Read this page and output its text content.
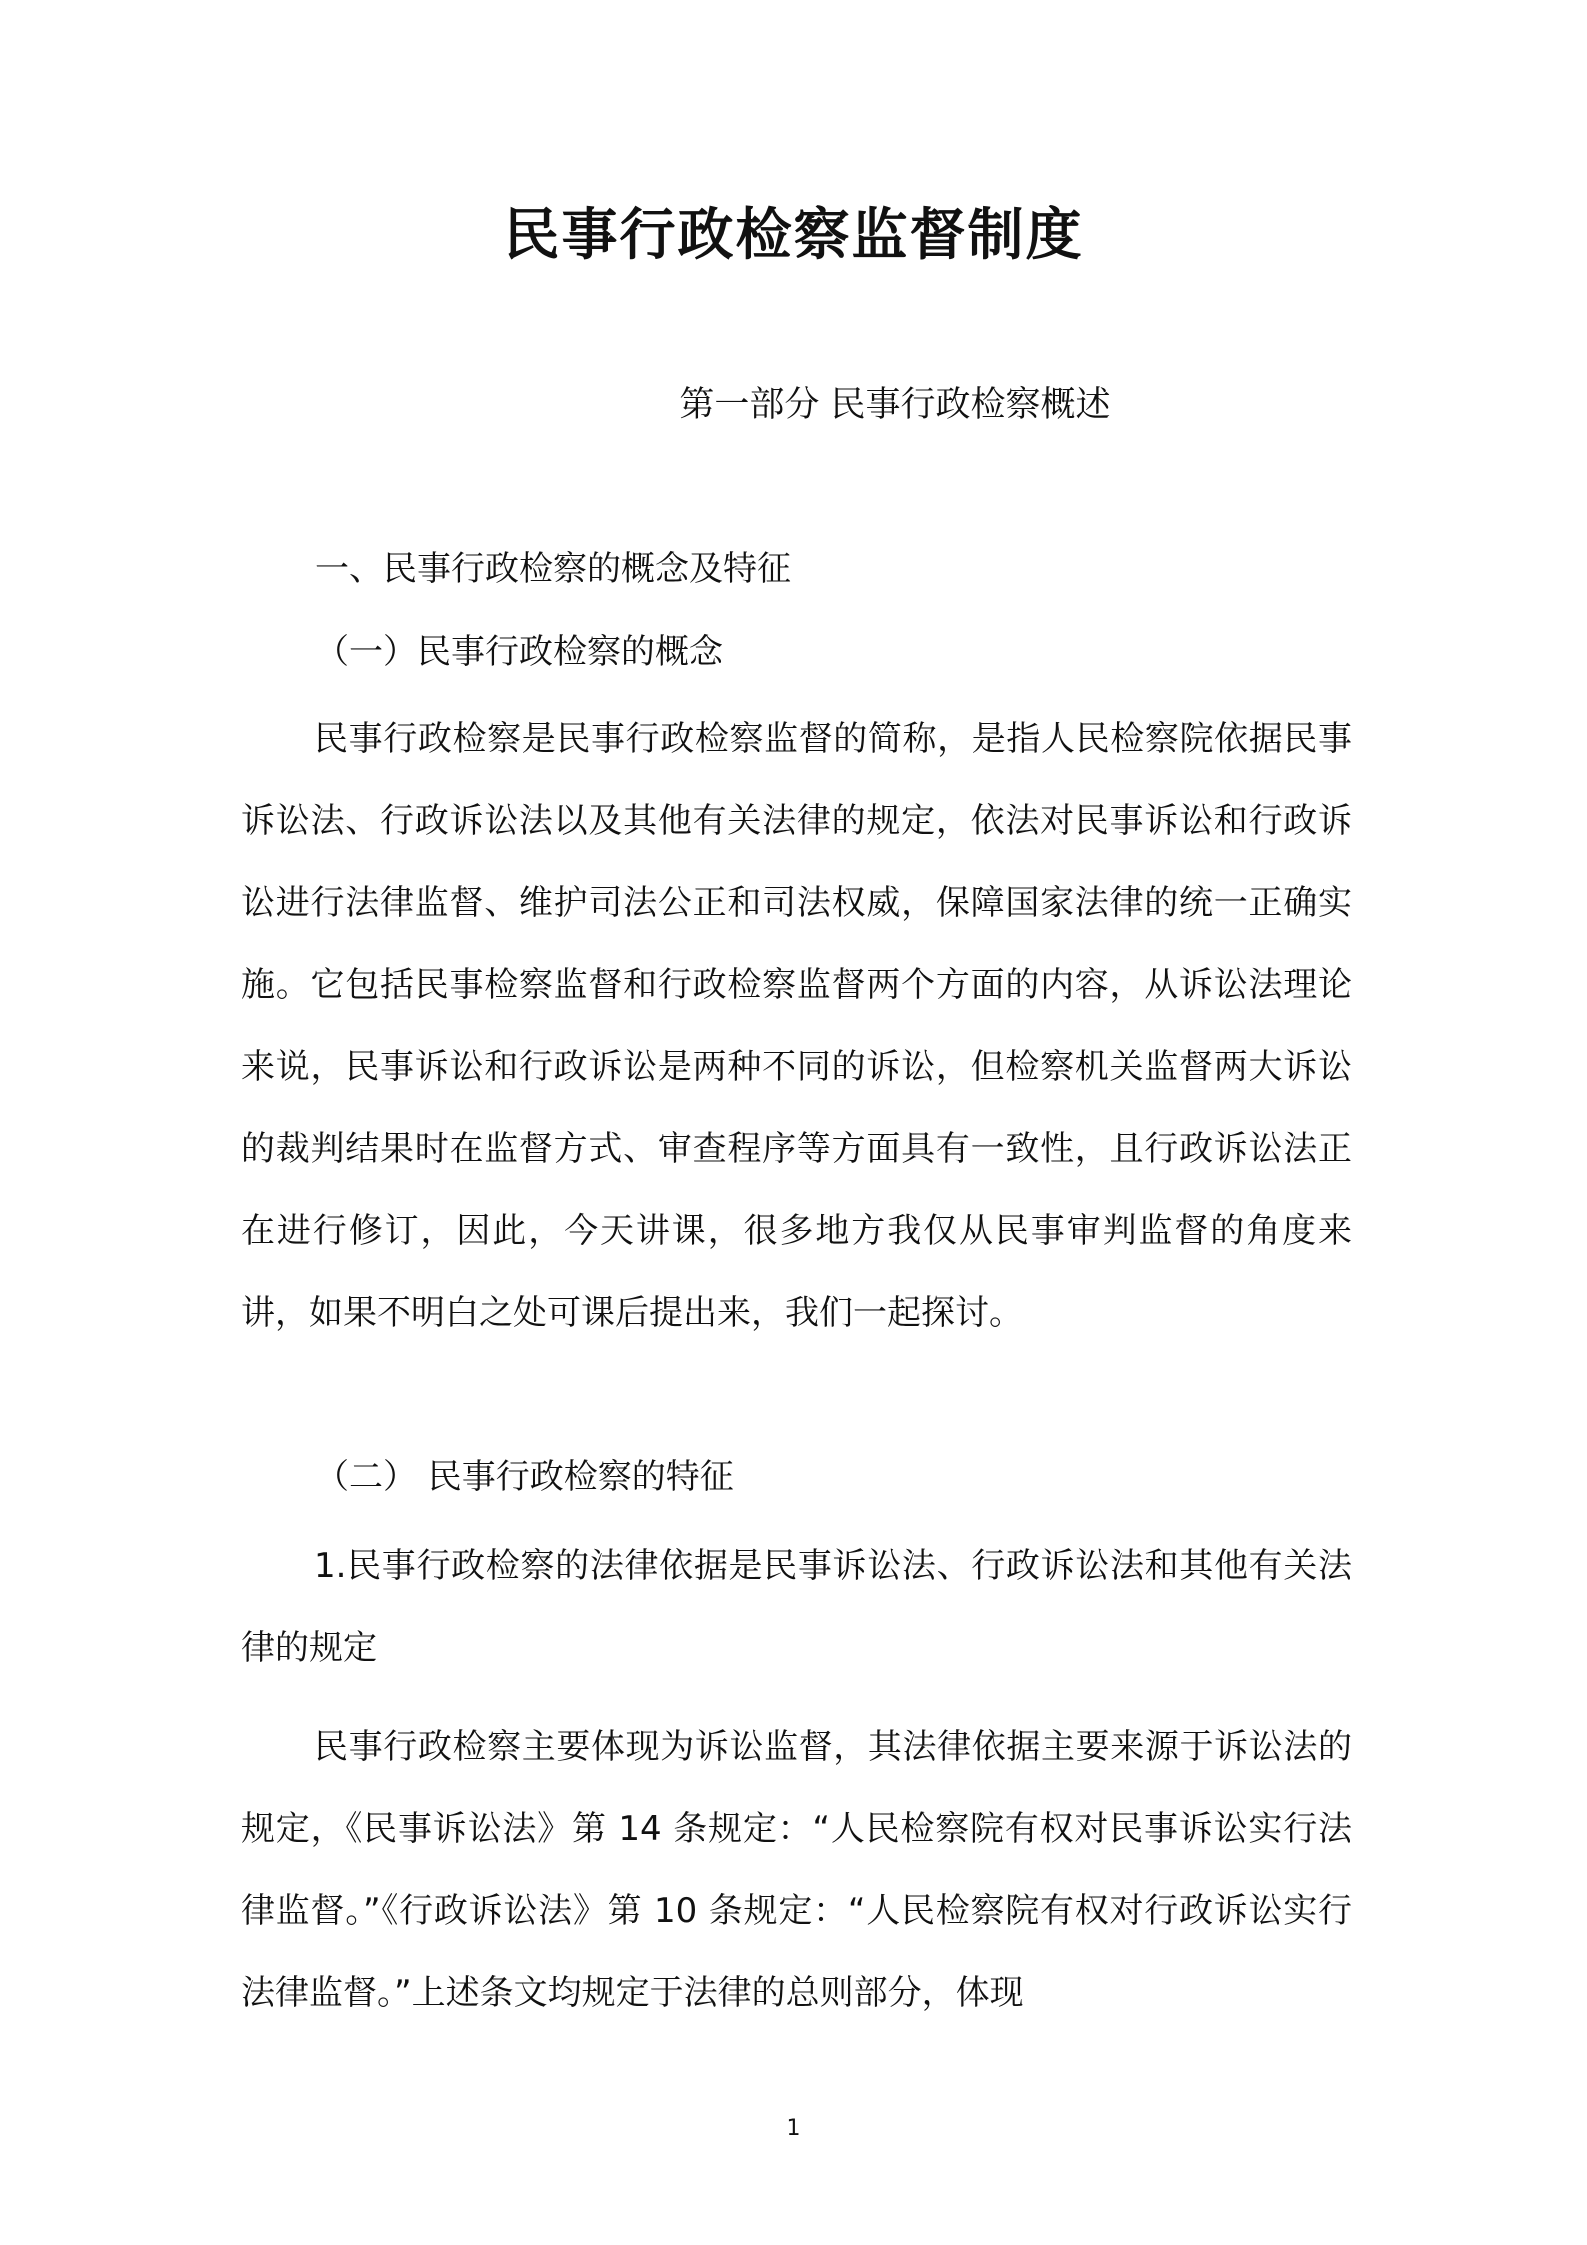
民事行政检察监督制度
第一部分 民事行政检察概述
一、民事行政检察的概念及特征
（一）民事行政检察的概念

民事行政检察是民事行政检察监督的简称，是指人民检察院依据民事诉讼法、行政诉讼法以及其他有关法律的规定，依法对民事诉讼和行政诉讼进行法律监督、维护司法公正和司法权威，保障国家法律的统一正确实施。它包括民事检察监督和行政检察监督两个方面的内容，从诉讼法理论来说，民事诉讼和行政诉讼是两种不同的诉讼，但检察机关监督两大诉讼的裁判结果时在监督方式、审查程序等方面具有一致性，且行政诉讼法正在进行修订，因此，今天讲课，很多地方我仅从民事审判监督的角度来讲，如果不明白之处可课后提出来，我们一起探讨。

（二） 民事行政检察的特征

1.民事行政检察的法律依据是民事诉讼法、行政诉讼法和其他有关法律的规定

民事行政检察主要体现为诉讼监督，其法律依据主要来源于诉讼法的规定，《民事诉讼法》第 14 条规定：“人民检察院有权对民事诉讼实行法律监督。”《行政诉讼法》第 10 条规定：“人民检察院有权对行政诉讼实行法律监督。”上述条文均规定于法律的总则部分，体现

1
